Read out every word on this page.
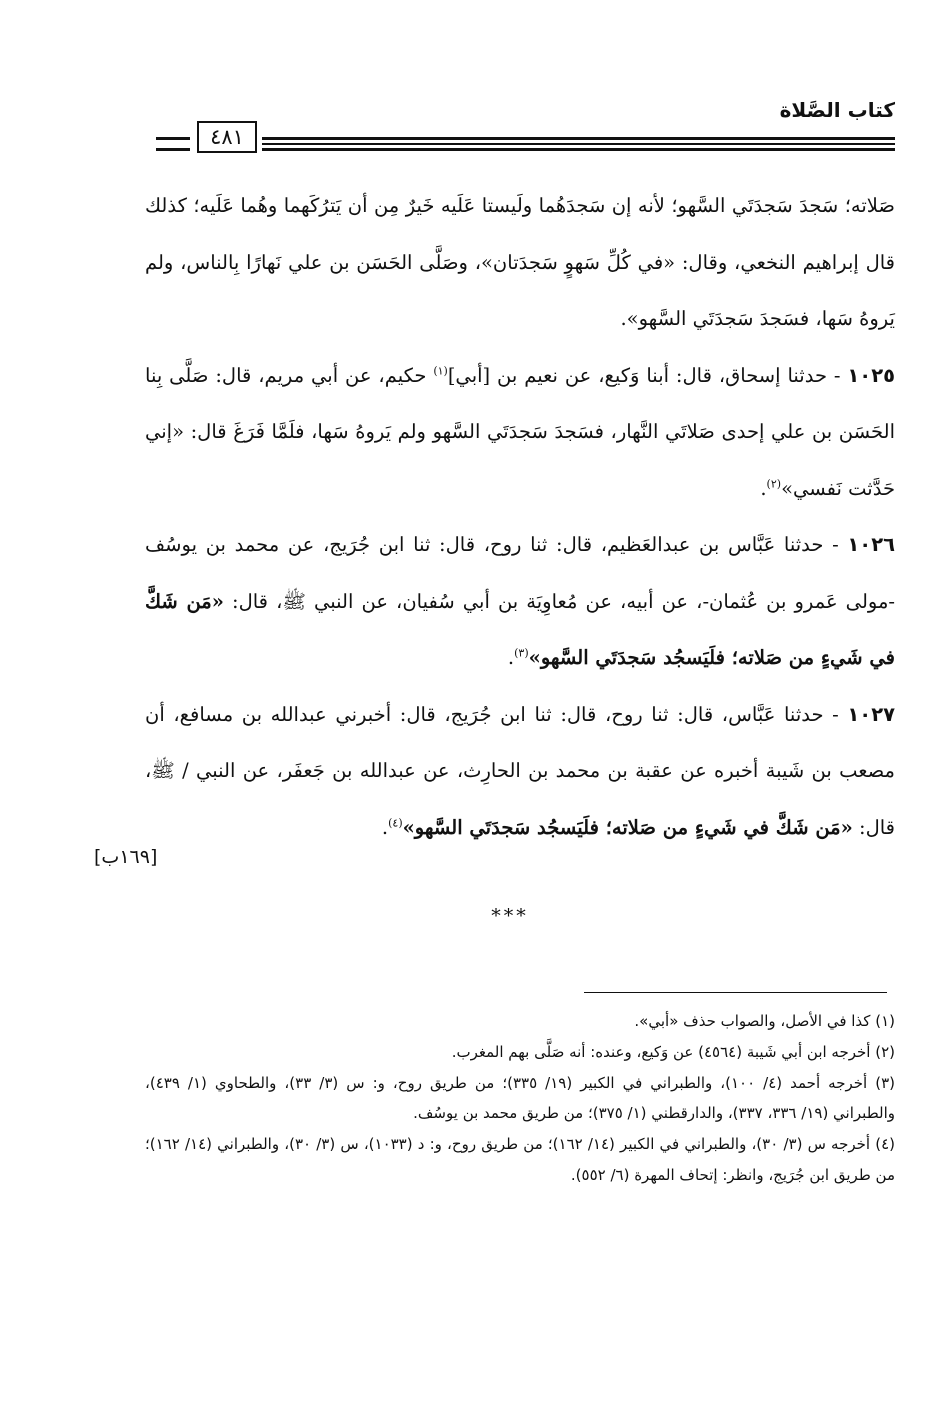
كتاب الصَّلاة
٤٨١

صَلاته؛ سَجدَ سَجدَتَي السَّهو؛ لأنه إن سَجدَهُما ولَيستا عَلَيه خَيرٌ مِن أن يَترُكَهما وهُما عَلَيه؛ كذلك قال إبراهيم النخعي، وقال: «في كُلِّ سَهوٍ سَجدَتان»، وصَلَّى الحَسَن بن علي نَهارًا بِالناس، ولم يَروهُ سَها، فسَجدَ سَجدَتَي السَّهو».

١٠٢٥ - حدثنا إسحاق، قال: أبنا وَكيع، عن نعيم بن [أبي]$^{(١)}$ حكيم، عن أبي مريم، قال: صَلَّى بِنا الحَسَن بن علي إحدى صَلاتَي النَّهار، فسَجدَ سَجدَتَي السَّهو ولم يَروهُ سَها، فلَمَّا فَرَغَ قال: «إني حَدَّثت نَفسي»$^{(٢)}$.

١٠٢٦ - حدثنا عَبَّاس بن عبدالعَظيم، قال: ثنا روح، قال: ثنا ابن جُرَيج، عن محمد بن يوسُف -مولى عَمرو بن عُثمان-، عن أبيه، عن مُعاوِيَة بن أبي سُفيان، عن النبي ﷺ، قال: «مَن شَكَّ في شَيءٍ من صَلاته؛ فلَيَسجُد سَجدَتَي السَّهو»$^{(٣)}$.

١٠٢٧ - حدثنا عَبَّاس، قال: ثنا روح، قال: ثنا ابن جُرَيج، قال: أخبرني عبدالله بن مسافع، أن مصعب بن شَيبة أخبره عن عقبة بن محمد بن الحارِث، عن عبدالله بن جَعفَر، عن النبي / ﷺ، قال: «مَن شَكَّ في شَيءٍ من صَلاته؛ فلَيَسجُد سَجدَتَي السَّهو»$^{(٤)}$.

[١٦٩ب]
***

(١) كذا في الأصل، والصواب حذف «أبي».

(٢) أخرجه ابن أبي شَيبة (٤٥٦٤) عن وَكيع، وعنده: أنه صَلَّى بهم المغرب.

(٣) أخرجه أحمد (٤/ ١٠٠)، والطبراني في الكبير (١٩/ ٣٣٥)؛ من طريق روح، و: س (٣/ ٣٣)، والطحاوي (١/ ٤٣٩)، والطبراني (١٩/ ٣٣٦، ٣٣٧)، والدارقطني (١/ ٣٧٥)؛ من طريق محمد بن يوسُف.

(٤) أخرجه س (٣/ ٣٠)، والطبراني في الكبير (١٤/ ١٦٢)؛ من طريق روح، و: د (١٠٣٣)، س (٣/ ٣٠)، والطبراني (١٤/ ١٦٢)؛ من طريق ابن جُرَيج، وانظر: إتحاف المهرة (٦/ ٥٥٢).
